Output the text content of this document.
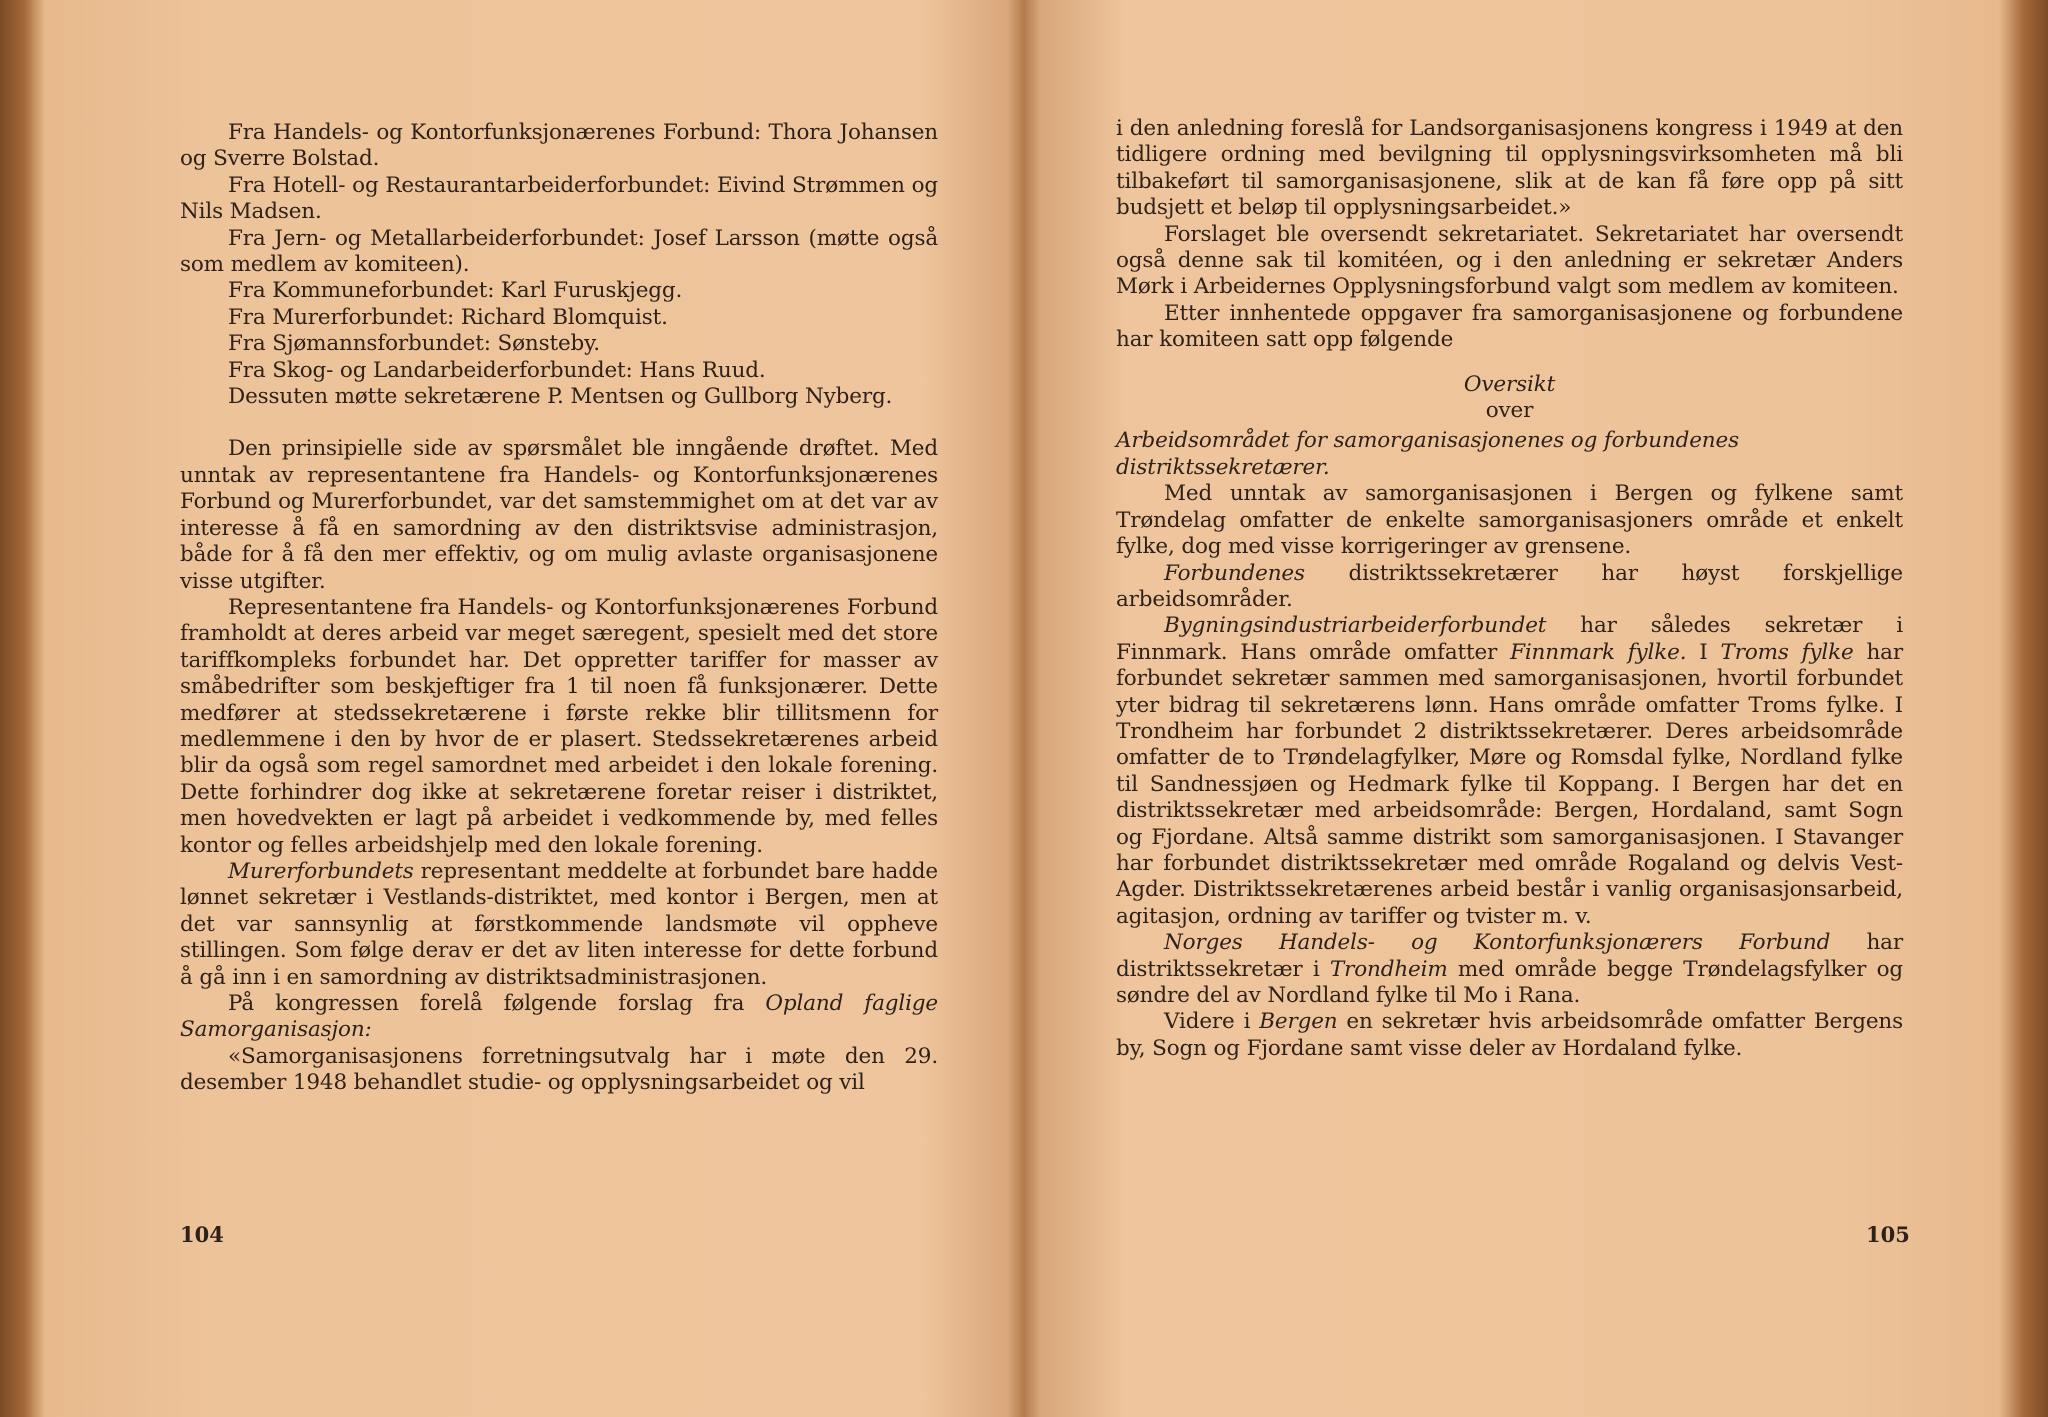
Fra Handels- og Kontorfunksjonærenes Forbund: Thora Johansen og Sverre Bolstad.

Fra Hotell- og Restaurantarbeiderforbundet: Eivind Strømmen og Nils Madsen.

Fra Jern- og Metallarbeiderforbundet: Josef Larsson (møtte også som medlem av komiteen).

Fra Kommuneforbundet: Karl Furuskjegg.

Fra Murerforbundet: Richard Blomquist.

Fra Sjømannsforbundet: Sønsteby.

Fra Skog- og Landarbeiderforbundet: Hans Ruud.

Dessuten møtte sekretærene P. Mentsen og Gullborg Nyberg.

Den prinsipielle side av spørsmålet ble inngående drøftet. Med unntak av representantene fra Handels- og Kontorfunksjonærenes Forbund og Murerforbundet, var det samstemmighet om at det var av interesse å få en samordning av den distriktsvise administrasjon, både for å få den mer effektiv, og om mulig avlaste organisasjonene visse utgifter.

Representantene fra Handels- og Kontorfunksjonærenes Forbund framholdt at deres arbeid var meget særegent, spesielt med det store tariffkompleks forbundet har. Det oppretter tariffer for masser av småbedrifter som beskjeftiger fra 1 til noen få funksjonærer. Dette medfører at stedssekretærene i første rekke blir tillitsmenn for medlemmene i den by hvor de er plasert. Stedssekretærenes arbeid blir da også som regel samordnet med arbeidet i den lokale forening. Dette forhindrer dog ikke at sekretærene foretar reiser i distriktet, men hovedvekten er lagt på arbeidet i vedkommende by, med felles kontor og felles arbeidshjelp med den lokale forening.

Murerforbundets representant meddelte at forbundet bare hadde lønnet sekretær i Vestlands-distriktet, med kontor i Bergen, men at det var sannsynlig at førstkommende landsmøte vil oppheve stillingen. Som følge derav er det av liten interesse for dette forbund å gå inn i en samordning av distriktsadministrasjonen.

På kongressen forelå følgende forslag fra Opland faglige Samorganisasjon:

«Samorganisasjonens forretningsutvalg har i møte den 29. desember 1948 behandlet studie- og opplysningsarbeidet og vil

104

i den anledning foreslå for Landsorganisasjonens kongress i 1949 at den tidligere ordning med bevilgning til opplysningsvirksomheten må bli tilbakeført til samorganisasjonene, slik at de kan få føre opp på sitt budsjett et beløp til opplysningsarbeidet.»

Forslaget ble oversendt sekretariatet. Sekretariatet har oversendt også denne sak til komitéen, og i den anledning er sekretær Anders Mørk i Arbeidernes Opplysningsforbund valgt som medlem av komiteen.

Etter innhentede oppgaver fra samorganisasjonene og forbundene har komiteen satt opp følgende

Oversikt

over

Arbeidsområdet for samorganisasjonenes og forbundenes distriktssekretærer.

Med unntak av samorganisasjonen i Bergen og fylkene samt Trøndelag omfatter de enkelte samorganisasjoners område et enkelt fylke, dog med visse korrigeringer av grensene.

Forbundenes distriktssekretærer har høyst forskjellige arbeidsområder.

Bygningsindustriarbeiderforbundet har således sekretær i Finnmark. Hans område omfatter Finnmark fylke. I Troms fylke har forbundet sekretær sammen med samorganisasjonen, hvortil forbundet yter bidrag til sekretærens lønn. Hans område omfatter Troms fylke. I Trondheim har forbundet 2 distriktssekretærer. Deres arbeidsområde omfatter de to Trøndelagfylker, Møre og Romsdal fylke, Nordland fylke til Sandnessjøen og Hedmark fylke til Koppang. I Bergen har det en distriktssekretær med arbeidsområde: Bergen, Hordaland, samt Sogn og Fjordane. Altså samme distrikt som samorganisasjonen. I Stavanger har forbundet distriktssekretær med område Rogaland og delvis Vest-Agder. Distriktssekretærenes arbeid består i vanlig organisasjonsarbeid, agitasjon, ordning av tariffer og tvister m. v.

Norges Handels- og Kontorfunksjonærers Forbund har distriktssekretær i Trondheim med område begge Trøndelagsfylker og søndre del av Nordland fylke til Mo i Rana.

Videre i Bergen en sekretær hvis arbeidsområde omfatter Bergens by, Sogn og Fjordane samt visse deler av Hordaland fylke.

105
